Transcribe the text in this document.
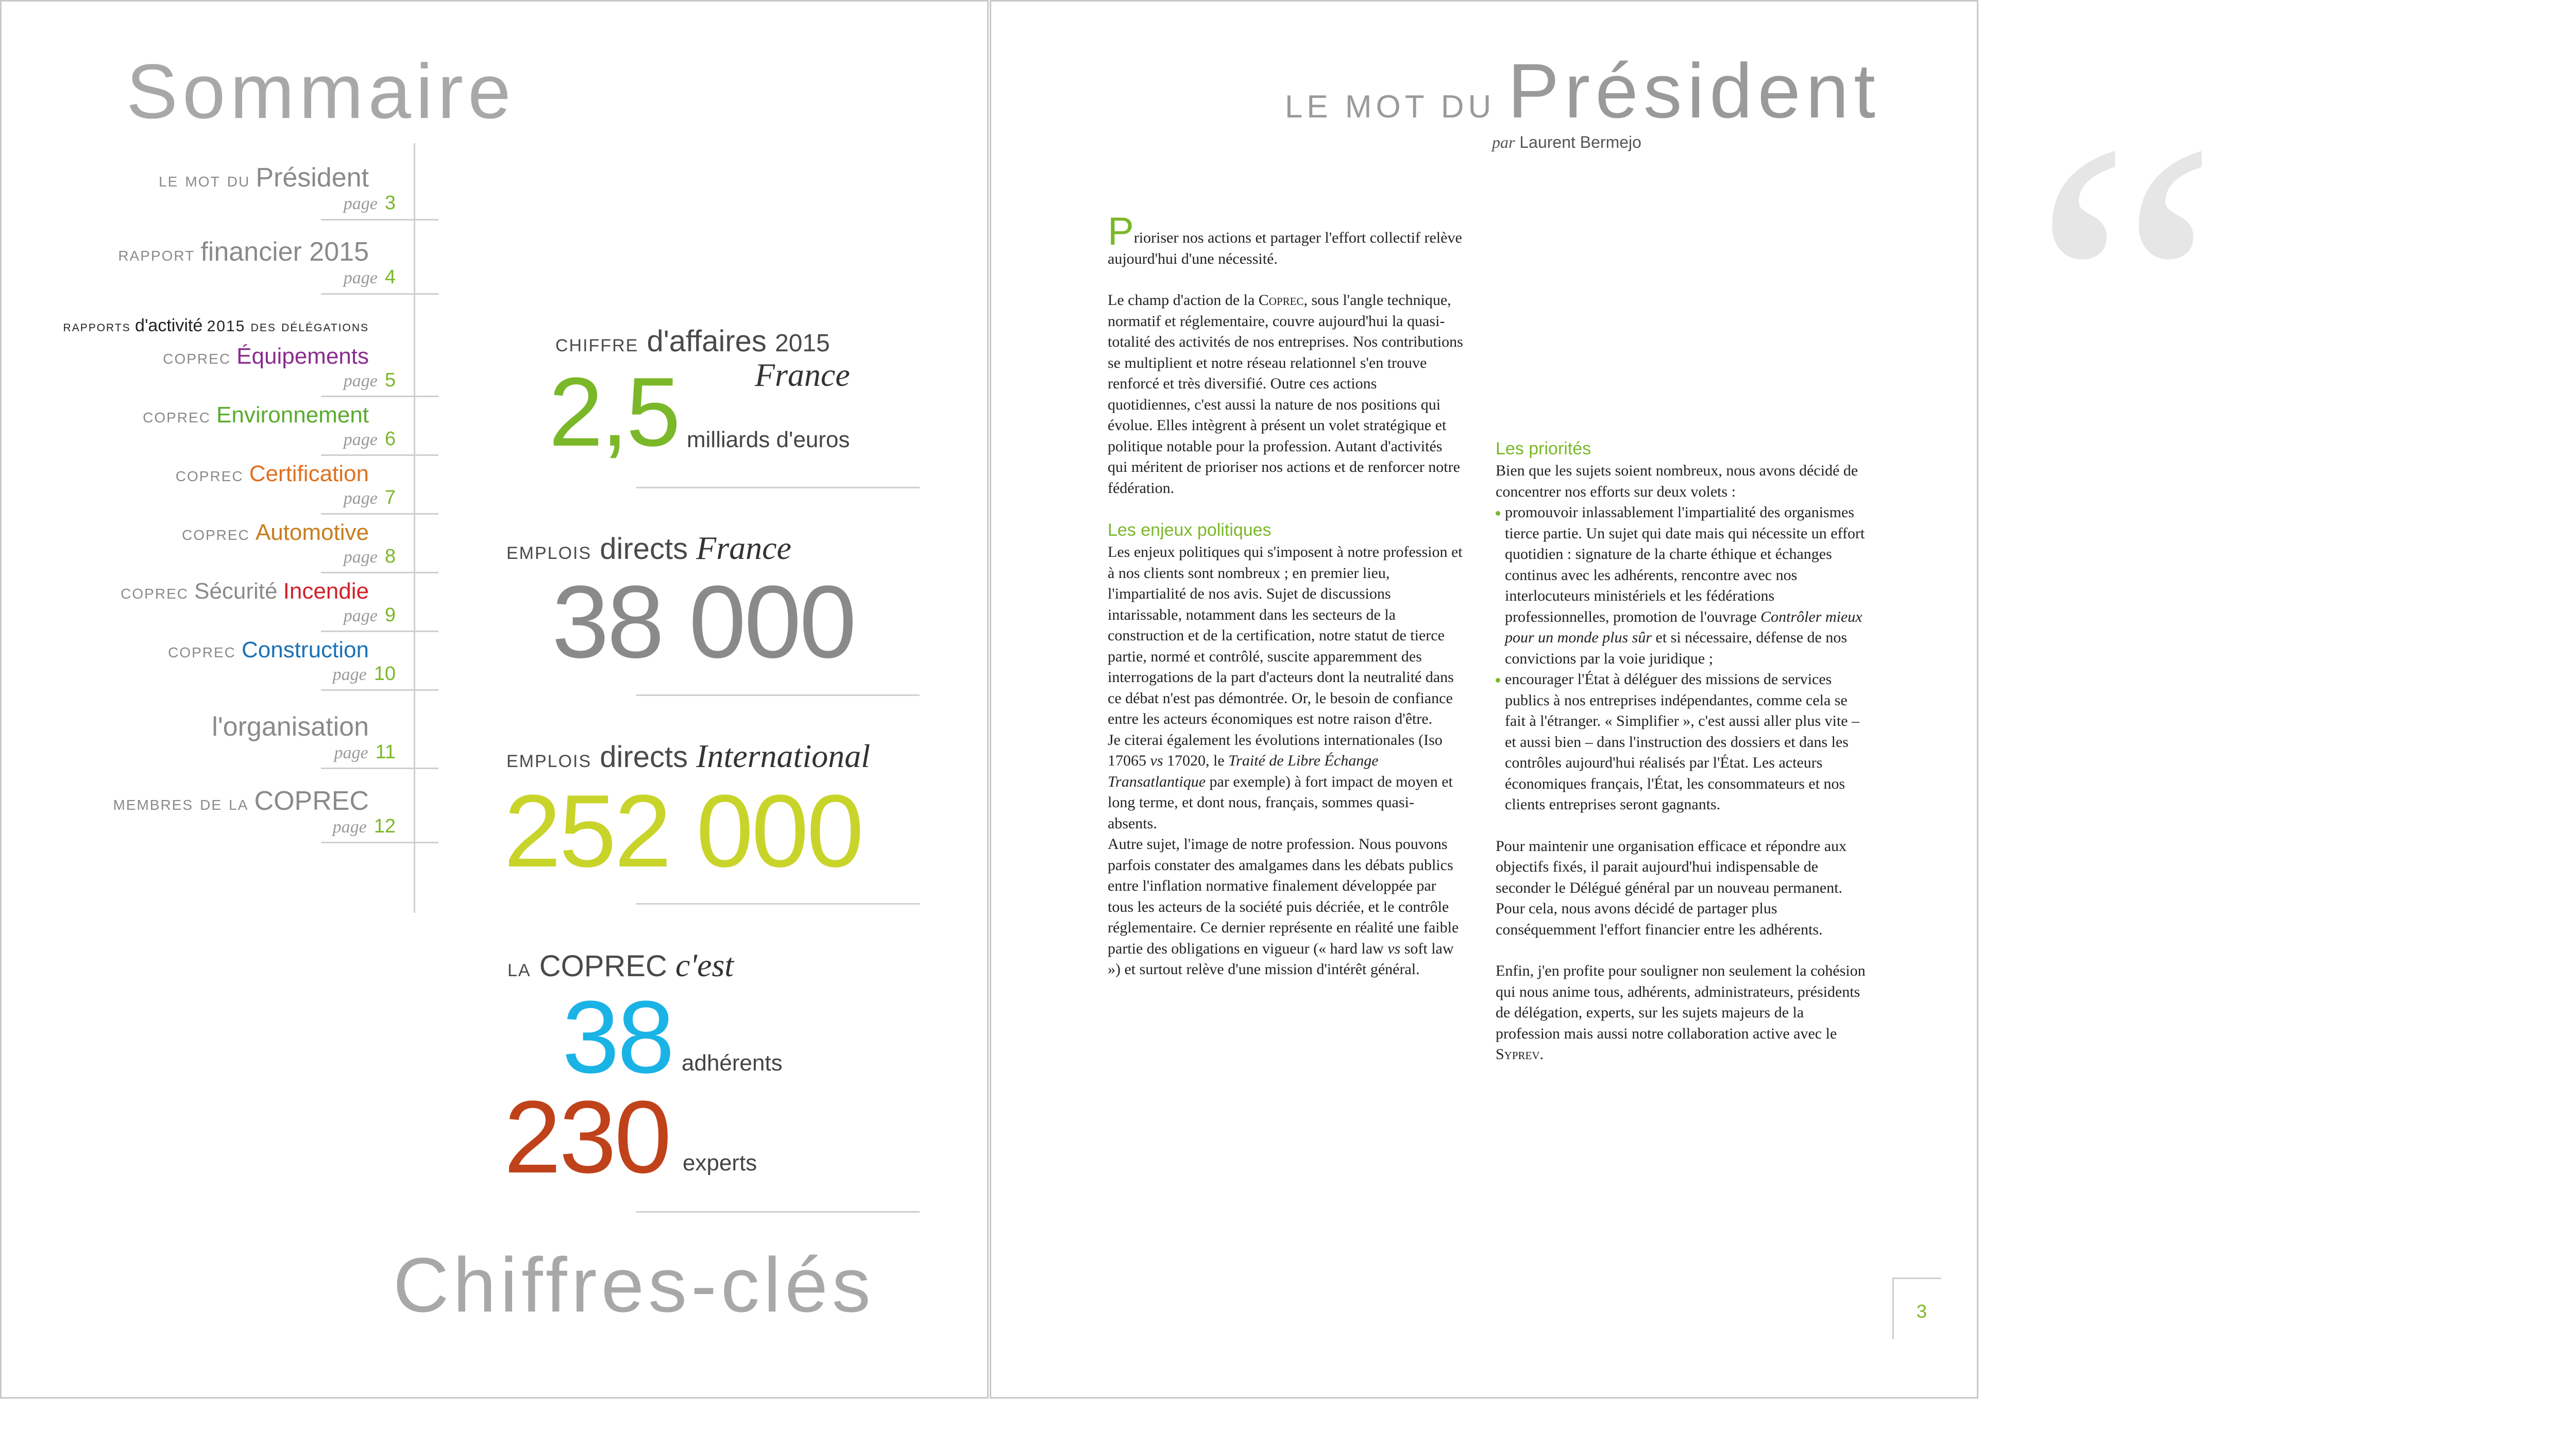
Sommaire
le mot du Président
page 3
rapport financier 2015
page 4
rapports d'activité 2015 des délégations
coprec Équipements
page 5
coprec Environnement
page 6
coprec Certification
page 7
coprec Automotive
page 8
coprec Sécurité Incendie
page 9
coprec Construction
page 10
l'organisation
page 11
membres de la COPREC
page 12
chiffre d'affaires 2015
France
2,5 milliards d'euros
emplois directs France
38 000
emplois directs International
252 000
la COPREC c'est
38 adhérents
230 experts
Chiffres-clés
“
LE MOT DU Président
par Laurent Bermejo

Prioriser nos actions et partager l'effort collectif relève aujourd'hui d'une nécessité.

Le champ d'action de la Coprec, sous l'angle technique, normatif et réglementaire, couvre aujourd'hui la quasi-totalité des activités de nos entreprises. Nos contributions se multiplient et notre réseau relationnel s'en trouve renforcé et très diversifié. Outre ces actions quotidiennes, c'est aussi la nature de nos positions qui évolue. Elles intègrent à présent un volet stratégique et politique notable pour la profession. Autant d'activités qui méritent de prioriser nos actions et de renforcer notre fédération.

Les enjeux politiques
Les enjeux politiques qui s'imposent à notre profession et à nos clients sont nombreux ; en premier lieu, l'impartialité de nos avis. Sujet de discussions intarissable, notamment dans les secteurs de la construction et de la certification, notre statut de tierce partie, normé et contrôlé, suscite apparemment des interrogations de la part d'acteurs dont la neutralité dans ce débat n'est pas démontrée. Or, le besoin de confiance entre les acteurs économiques est notre raison d'être.
Je citerai également les évolutions internationales (Iso 17065 vs 17020, le Traité de Libre Échange Transatlantique par exemple) à fort impact de moyen et long terme, et dont nous, français, sommes quasi-absents.
Autre sujet, l'image de notre profession. Nous pouvons parfois constater des amalgames dans les débats publics entre l'inflation normative finalement développée par tous les acteurs de la société puis décriée, et le contrôle réglementaire. Ce dernier représente en réalité une faible partie des obligations en vigueur (« hard law vs soft law ») et surtout relève d'une mission d'intérêt général.
Les priorités
Bien que les sujets soient nombreux, nous avons décidé de concentrer nos efforts sur deux volets :
promouvoir inlassablement l'impartialité des organismes tierce partie. Un sujet qui date mais qui nécessite un effort quotidien : signature de la charte éthique et échanges continus avec les adhérents, rencontre avec nos interlocuteurs ministériels et les fédérations professionnelles, promotion de l'ouvrage Contrôler mieux pour un monde plus sûr et si nécessaire, défense de nos convictions par la voie juridique ;

encourager l'État à déléguer des missions de services publics à nos entreprises indépendantes, comme cela se fait à l'étranger. « Simplifier », c'est aussi aller plus vite – et aussi bien – dans l'instruction des dossiers et dans les contrôles aujourd'hui réalisés par l'État. Les acteurs économiques français, l'État, les consommateurs et nos clients entreprises seront gagnants.

Pour maintenir une organisation efficace et répondre aux objectifs fixés, il parait aujourd'hui indispensable de seconder le Délégué général par un nouveau permanent. Pour cela, nous avons décidé de partager plus conséquemment l'effort financier entre les adhérents.

Enfin, j'en profite pour souligner non seulement la cohésion qui nous anime tous, adhérents, administrateurs, présidents de délégation, experts, sur les sujets majeurs de la profession mais aussi notre collaboration active avec le Syprev.

3
